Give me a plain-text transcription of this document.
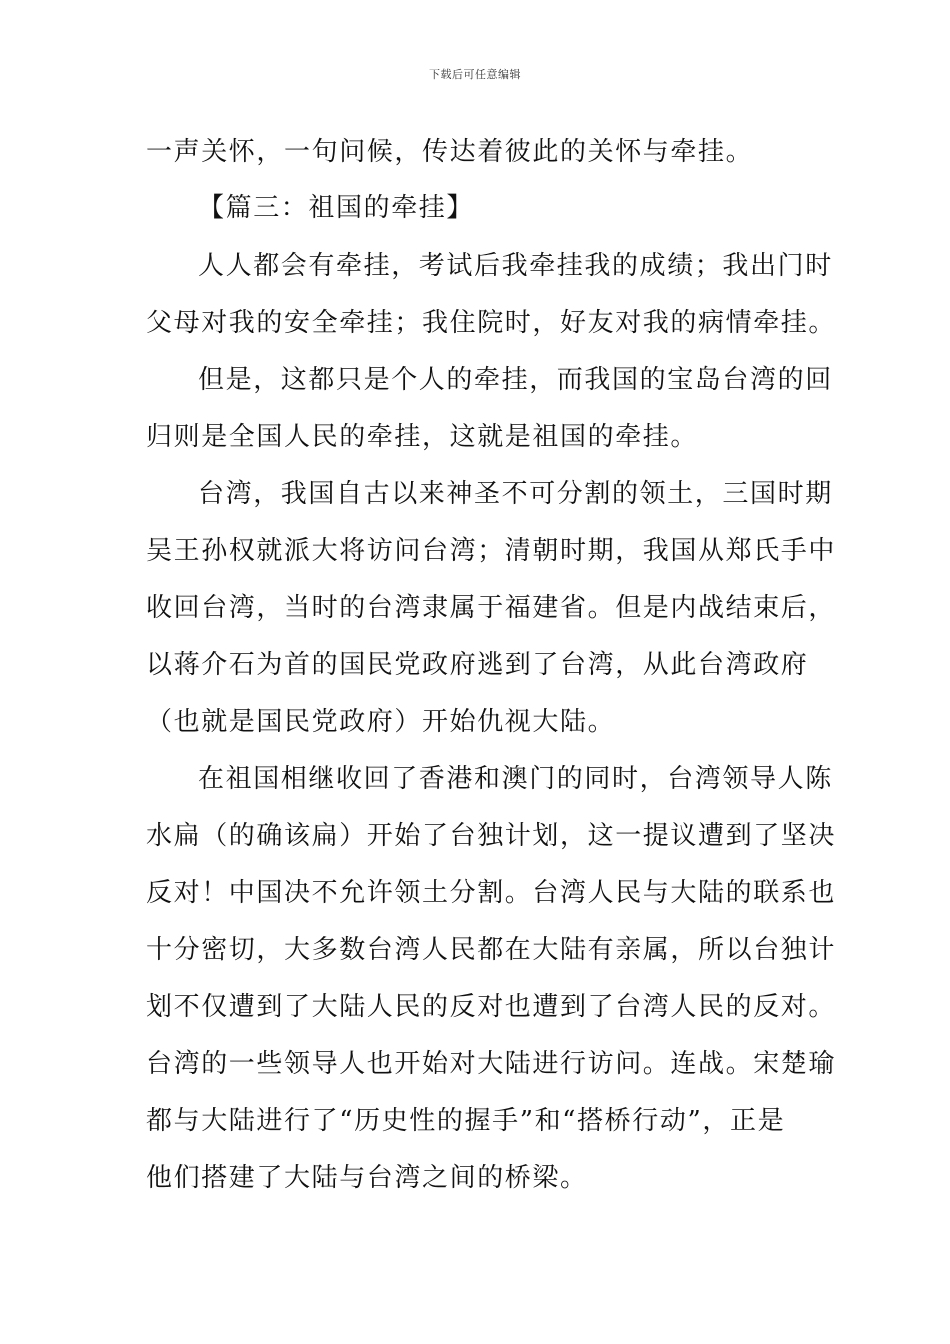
下载后可任意编辑
一声关怀，一句问候，传达着彼此的关怀与牵挂。
【篇三：祖国的牵挂】
人人都会有牵挂，考试后我牵挂我的成绩；我出门时
父母对我的安全牵挂；我住院时，好友对我的病情牵挂。
但是，这都只是个人的牵挂，而我国的宝岛台湾的回
归则是全国人民的牵挂，这就是祖国的牵挂。
台湾，我国自古以来神圣不可分割的领土，三国时期
吴王孙权就派大将访问台湾；清朝时期，我国从郑氏手中
收回台湾，当时的台湾隶属于福建省。但是内战结束后，
以蒋介石为首的国民党政府逃到了台湾，从此台湾政府
（也就是国民党政府）开始仇视大陆。
在祖国相继收回了香港和澳门的同时，台湾领导人陈
水扁（的确该扁）开始了台独计划，这一提议遭到了坚决
反对！中国决不允许领土分割。台湾人民与大陆的联系也
十分密切，大多数台湾人民都在大陆有亲属，所以台独计
划不仅遭到了大陆人民的反对也遭到了台湾人民的反对。
台湾的一些领导人也开始对大陆进行访问。连战。宋楚瑜
都与大陆进行了“历史性的握手”和“搭桥行动”，正是
他们搭建了大陆与台湾之间的桥梁。
